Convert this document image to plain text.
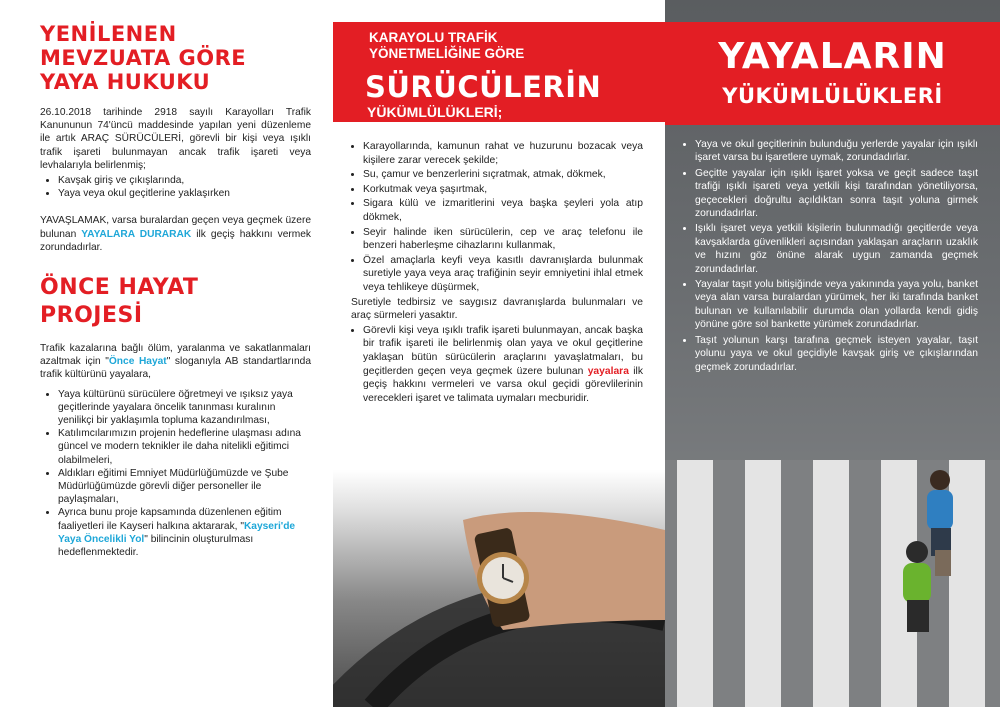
YENİLENEN
MEVZUATA GÖRE
YAYA HUKUKU

26.10.2018 tarihinde 2918 sayılı Karayolları Trafik Kanununun 74'üncü maddesinde yapılan yeni düzenleme ile artık ARAÇ SÜRÜCÜLERİ, görevli bir kişi veya ışıklı trafik işareti bulunmayan ancak trafik işareti veya levhalarıyla belirlenmiş;

• Kavşak giriş ve çıkışlarında,
• Yaya veya okul geçitlerine yaklaşırken

YAVAŞLAMAK, varsa buralardan geçen veya geçmek üzere bulunan YAYALARA DURARAK ilk geçiş hakkını vermek zorundadırlar.

ÖNCE HAYAT
PROJESİ

Trafik kazalarına bağlı ölüm, yaralanma ve sakatlanmaları azaltmak için "Önce Hayat" sloganıyla AB standartlarında trafik kültürünü yayalara,

• Yaya kültürünü sürücülere öğretmeyi ve ışıksız yaya geçitlerinde yayalara öncelik tanınması kuralının yenilikçi bir yaklaşımla topluma kazandırılması,
• Katılımcılarımızın projenin hedeflerine ulaşması adına güncel ve modern teknikler ile daha nitelikli eğitimci olabilmeleri,
• Aldıkları eğitimi Emniyet Müdürlüğümüzde ve Şube Müdürlüğümüzde görevli diğer personeller ile paylaşmaları,
• Ayrıca bunu proje kapsamında düzenlenen eğitim faaliyetleri ile Kayseri halkına aktararak, "Kayseri'de Yaya Öncelikli Yol" bilincinin oluşturulması hedeflenmektedir.
KARAYOLU TRAFİK YÖNETMELİĞİNE GÖRE
SÜRÜCÜLERİN
YÜKÜMLÜLÜKLERİ;
• Karayollarında, kamunun rahat ve huzurunu bozacak veya kişilere zarar verecek şekilde;
• Su, çamur ve benzerlerini sıçratmak, atmak, dökmek,
• Korkutmak veya şaşırtmak,
• Sigara külü ve izmaritlerini veya başka şeyleri yola atıp dökmek,
• Seyir halinde iken sürücülerin, cep ve araç telefonu ile benzeri haberleşme cihazlarını kullanmak,
• Özel amaçlarla keyfi veya kasıtlı davranışlarda bulunmak suretiyle yaya veya araç trafiğinin seyir emniyetini ihlal etmek veya tehlikeye düşürmek,

Suretiyle tedbirsiz ve saygısız davranışlarda bulunmaları ve araç sürmeleri yasaktır.

• Görevli kişi veya ışıklı trafik işareti bulunmayan, ancak başka bir trafik işareti ile belirlenmiş olan yaya ve okul geçitlerine yaklaşan bütün sürücülerin araçlarını yavaşlatmaları, bu geçitlerden geçen veya geçmek üzere bulunan yayalara ilk geçiş hakkını vermeleri ve varsa okul geçidi görevlilerinin verecekleri işaret ve talimata uymaları mecburidir.
YAYALARIN
YÜKÜMLÜLÜKLERİ
• Yaya ve okul geçitlerinin bulunduğu yerlerde yayalar için ışıklı işaret varsa bu işaretlere uymak, zorundadırlar.
• Geçitte yayalar için ışıklı işaret yoksa ve geçit sadece taşıt trafiği ışıklı işareti veya yetkili kişi tarafından yönetiliyorsa, geçecekleri doğrultu açıldıktan sonra taşıt yoluna girmek zorundadırlar.
• Işıklı işaret veya yetkili kişilerin bulunmadığı geçitlerde veya kavşaklarda güvenlikleri açısından yaklaşan araçların uzaklık ve hızını göz önüne alarak uygun zamanda geçmek zorundadırlar.
• Yayalar taşıt yolu bitişiğinde veya yakınında yaya yolu, banket veya alan varsa buralardan yürümek, her iki tarafında banket bulunan ve kullanılabilir durumda olan yollarda kendi gidiş yönüne göre sol bankette yürümek zorundadırlar.
• Taşıt yolunun karşı tarafına geçmek isteyen yayalar, taşıt yolunu yaya ve okul geçidiyle kavşak giriş ve çıkışlarından geçmek zorundadırlar.
